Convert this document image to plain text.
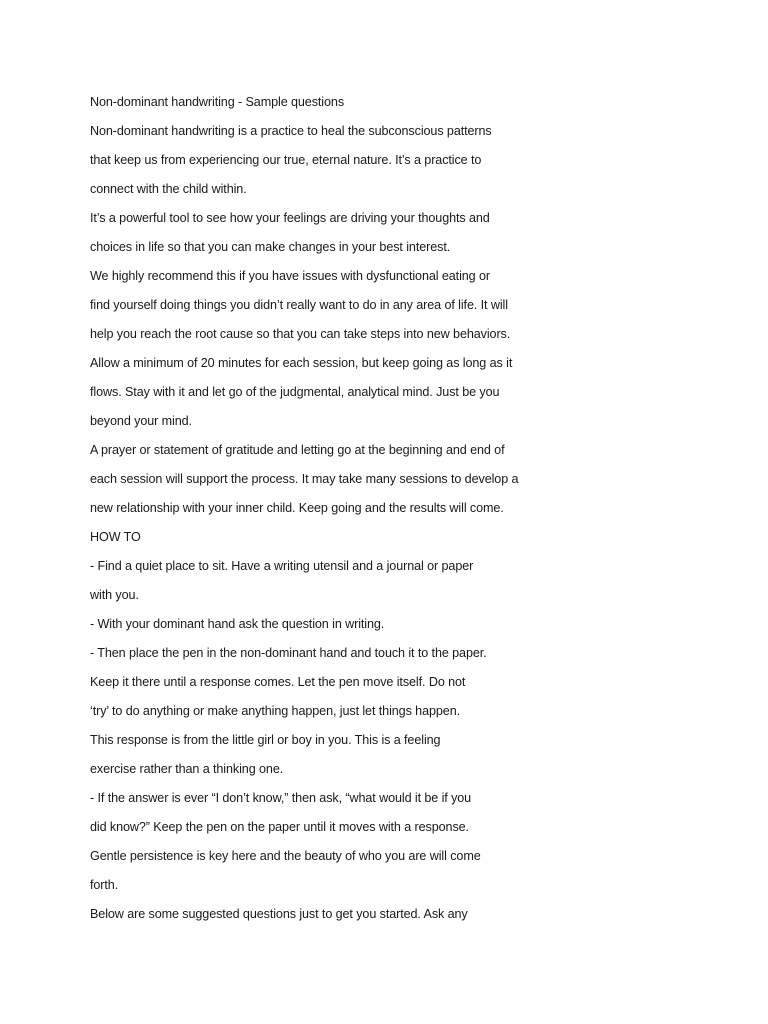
Non-dominant handwriting - Sample questions
Non-dominant handwriting is a practice to heal the subconscious patterns
that keep us from experiencing our true, eternal nature. It’s a practice to
connect with the child within.
It’s a powerful tool to see how your feelings are driving your thoughts and
choices in life so that you can make changes in your best interest.
We highly recommend this if you have issues with dysfunctional eating or
find yourself doing things you didn’t really want to do in any area of life. It will
help you reach the root cause so that you can take steps into new behaviors.
Allow a minimum of 20 minutes for each session, but keep going as long as it
flows. Stay with it and let go of the judgmental, analytical mind. Just be you
beyond your mind.
A prayer or statement of gratitude and letting go at the beginning and end of
each session will support the process. It may take many sessions to develop a
new relationship with your inner child. Keep going and the results will come.
HOW TO
- Find a quiet place to sit. Have a writing utensil and a journal or paper
with you.
- With your dominant hand ask the question in writing.
- Then place the pen in the non-dominant hand and touch it to the paper.
Keep it there until a response comes. Let the pen move itself. Do not
‘try’ to do anything or make anything happen, just let things happen.
This response is from the little girl or boy in you. This is a feeling
exercise rather than a thinking one.
- If the answer is ever “I don’t know,” then ask, “what would it be if you
did know?” Keep the pen on the paper until it moves with a response.
Gentle persistence is key here and the beauty of who you are will come
forth.
Below are some suggested questions just to get you started. Ask any
